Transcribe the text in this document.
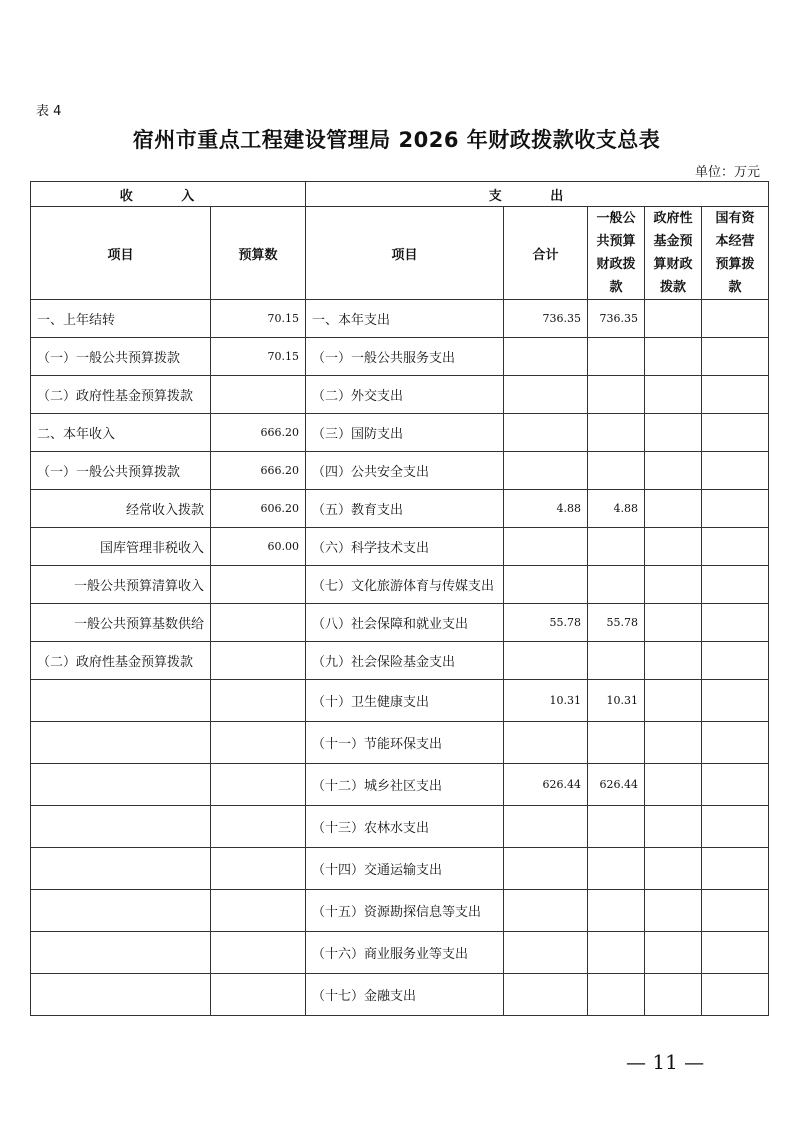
表 4
宿州市重点工程建设管理局 2026 年财政拨款收支总表
单位：万元
收 入		支 出				
项目	预算数	项目	合计	一般公共预算财政拨款	政府性基金预算财政拨款	国有资本经营预算拨款
一、上年结转	70.15	一、本年支出	736.35	736.35		
（一）一般公共预算拨款	70.15	（一）一般公共服务支出				
（二）政府性基金预算拨款		（二）外交支出				
二、本年收入	666.20	（三）国防支出				
（一）一般公共预算拨款	666.20	（四）公共安全支出				
经常收入拨款	606.20	（五）教育支出	4.88	4.88		
国库管理非税收入	60.00	（六）科学技术支出				
一般公共预算清算收入		（七）文化旅游体育与传媒支出				
一般公共预算基数供给		（八）社会保障和就业支出	55.78	55.78		
（二）政府性基金预算拨款		（九）社会保险基金支出				
		（十）卫生健康支出	10.31	10.31		
		（十一）节能环保支出				
		（十二）城乡社区支出	626.44	626.44		
		（十三）农林水支出				
		（十四）交通运输支出				
		（十五）资源勘探信息等支出				
		（十六）商业服务业等支出				
		（十七）金融支出				
— 11 —
